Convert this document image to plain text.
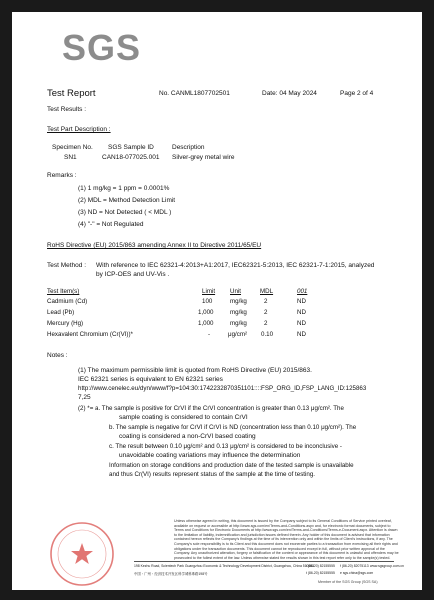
SGS
Test Report	No. CANML1807702501	Date: 04 May 2024	Page 2 of 4
Test Results :
Test Part Description :
Specimen No. SGS Sample ID	Description
SN1	CAN18-077025.001 Silver-grey metal wire
Remarks :
(1) 1 mg/kg = 1 ppm = 0.0001%
(2) MDL = Method Detection Limit
(3) ND = Not Detected ( < MDL )
(4) "-" = Not Regulated
RoHS Directive (EU) 2015/863 amending Annex II to Directive 2011/65/EU
Test Method : With reference to IEC 62321-4:2013+A1:2017, IEC62321-5:2013, IEC 62321-7-1:2015, analyzed
by ICP-OES and UV-Vis .
Test Item(s)	Limit Unit	MDL	001
Cadmium (Cd)	100	mg/kg	2	ND
Lead (Pb)	1,000	mg/kg	2	ND
Mercury (Hg)	1,000	mg/kg	2	ND
Hexavalent Chromium (Cr(VI))*	-	μg/cm² 0.10	ND
Notes :
(1) The maximum permissible limit is quoted from RoHS Directive (EU) 2015/863.
IEC 62321 series is equivalent to EN 62321 series
http://www.cenelec.eu/dyn/www/f?p=104:30:1742232870351101::::FSP_ORG_ID,FSP_LANG_ID:125863
7,25
(2) *= a. The sample is positive for CrVI if the CrVI concentration is greater than 0.13 μg/cm². The
sample coating is considered to contain CrVI
b. The sample is negative for CrVI if CrVI is ND (concentration less than 0.10 μg/cm²). The
coating is considered a non-CrVI based coating
c. The result between 0.10 μg/cm² and 0.13 μg/cm² is considered to be inconclusive -
unavoidable coating variations may influence the determination
Information on storage conditions and production date of the tested sample is unavailable
and thus Cr(VI) results represent status of the sample at the time of testing.
Unless otherwise agreed in writing, this document is issued by the Company subject to its General Conditions of Service printed overleaf, available on request or accessible at http://www.sgs.com/en/Terms-and-Conditions.aspx and, for electronic format documents, subject to Terms and Conditions for Electronic Documents at http://www.sgs.com/en/Terms-and-Conditions/Terms-e-Document.aspx. Attention is drawn to the limitation of liability, indemnification and jurisdiction issues defined therein. Any holder of this document is advised that information contained hereon reflects the Company's findings at the time of its intervention only and within the limits of Client's instructions, if any. The Company's sole responsibility is to its Client and this document does not exonerate parties to a transaction from exercising all their rights and obligations under the transaction documents. This document cannot be reproduced except in full, without prior written approval of the Company. Any unauthorized alteration, forgery or falsification of the content or appearance of this document is unlawful and offenders may be prosecuted to the fullest extent of the law. Unless otherwise stated the results shown in this test report refer only to the sample(s) tested.
198 Kezhu Road, Scientech Park Guangzhou Economic & Technology Development District, Guangzhou, China 510663
中国・广州・经济技术开发区科学城科珠路198号
t (86-20) 82155555
t (86-20) 82155555
f (86-20) 82075113
e sgs.china@sgs.com
www.sgsgroup.com.cn
Member of the SGS Group (SGS SA)
